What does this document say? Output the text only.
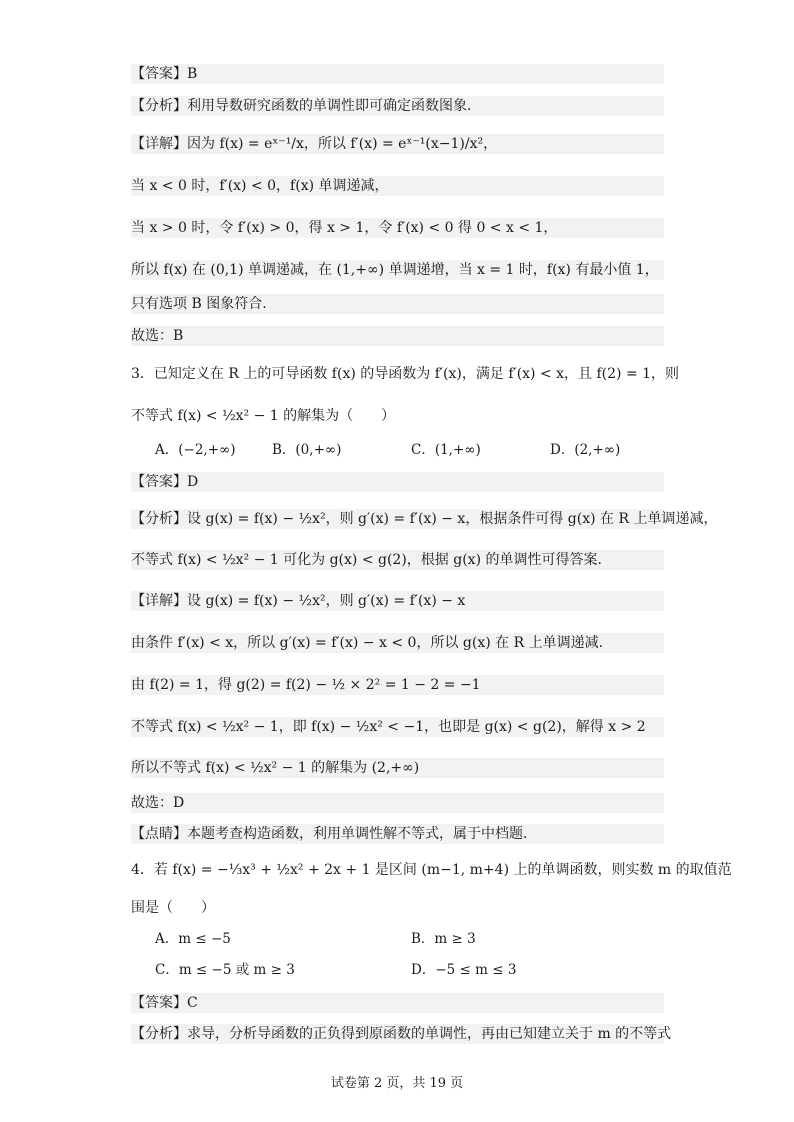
【答案】B
【分析】利用导数研究函数的单调性即可确定函数图象.
【详解】因为 f(x) = eˣ⁻¹/x，所以 f′(x) = eˣ⁻¹(x−1)/x²，
当 x < 0 时，f′(x) < 0，f(x) 单调递减，
当 x > 0 时，令 f′(x) > 0，得 x > 1，令 f′(x) < 0 得 0 < x < 1，
所以 f(x) 在 (0,1) 单调递减，在 (1,+∞) 单调递增，当 x = 1 时，f(x) 有最小值 1，
只有选项 B 图象符合.
故选：B
3．已知定义在 R 上的可导函数 f(x) 的导函数为 f′(x)，满足 f′(x) < x，且 f(2) = 1，则
不等式 f(x) < ½x² − 1 的解集为（　　）
A．(−2,+∞)	B．(0,+∞)	C．(1,+∞)	D．(2,+∞)
【答案】D
【分析】设 g(x) = f(x) − ½x²，则 g′(x) = f′(x) − x，根据条件可得 g(x) 在 R 上单调递减，
不等式 f(x) < ½x² − 1 可化为 g(x) < g(2)，根据 g(x) 的单调性可得答案.
【详解】设 g(x) = f(x) − ½x²，则 g′(x) = f′(x) − x
由条件 f′(x) < x，所以 g′(x) = f′(x) − x < 0，所以 g(x) 在 R 上单调递减.
由 f(2) = 1，得 g(2) = f(2) − ½ × 2² = 1 − 2 = −1
不等式 f(x) < ½x² − 1，即 f(x) − ½x² < −1，也即是 g(x) < g(2)，解得 x > 2
所以不等式 f(x) < ½x² − 1 的解集为 (2,+∞)
故选：D
【点睛】本题考查构造函数，利用单调性解不等式，属于中档题.
4．若 f(x) = −⅓x³ + ½x² + 2x + 1 是区间 (m−1, m+4) 上的单调函数，则实数 m 的取值范
围是（　　）
A．m ≤ −5	B．m ≥ 3
C．m ≤ −5 或 m ≥ 3	D．−5 ≤ m ≤ 3
【答案】C
【分析】求导，分析导函数的正负得到原函数的单调性，再由已知建立关于 m 的不等式
试卷第 2 页，共 19 页
